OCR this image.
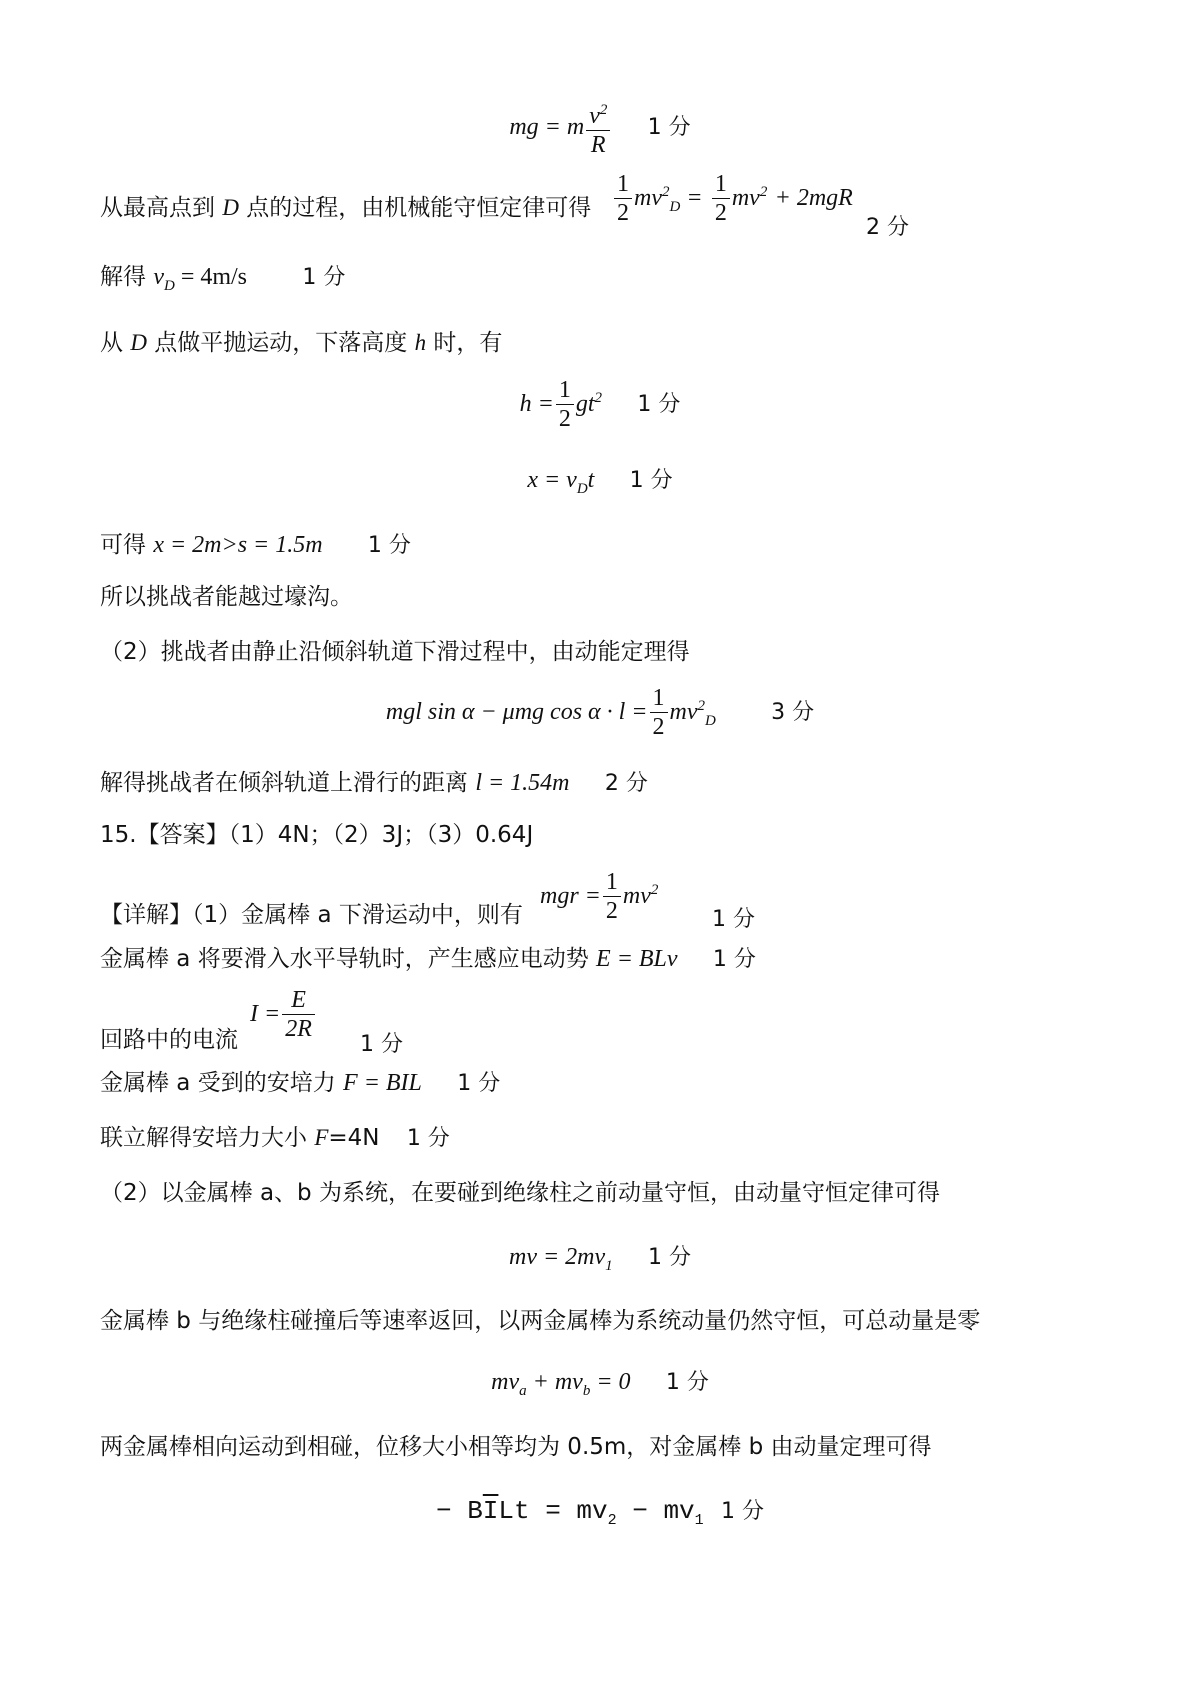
mg = m $\frac{v^2}{R} 1$ 分
从最高点到 D 点的过程，由机械能守恒定律可得 $\frac{1}{2} mv^2_D = \frac{1}{2} mv^2 + 2mgR$
2 分
解得 $v_D = 4m/s$	1 分
从 D 点做平抛运动，下落高度 h 时，有
$h = \frac{1}{2} gt^2$ 1 分
$x = v_Dt$ 1 分
可得 x = 2m>s = 1.5m 1 分
所以挑战者能越过壕沟。
（2）挑战者由静止沿倾斜轨道下滑过程中，由动能定理得
mgl sin α − μmg $\cos \alpha \cdot l = \frac{1}{2} mv^2_D$	3 分
解得挑战者在倾斜轨道上滑行的距离 l = 1.54m 2 分
15.【答案】（1）4N；（2）3J；（3）0.64J
【详解】（1）金属棒 a 下滑运动中，则有
mgr = $\frac{1}{2} mv^2$
1 分
金属棒 a 将要滑入水平导轨时，产生感应电动势 E = BLv 1 分
回路中的电流
$I = \frac{E}{2R}$
1 分
金属棒 a 受到的安培力 F = BIL 1 分
联立解得安培力大小 F=4N 1 分
（2）以金属棒 a、b 为系统，在要碰到绝缘柱之前动量守恒，由动量守恒定律可得
mv = $2mv_1$ 1 分
金属棒 b 与绝缘柱碰撞后等速率返回，以两金属棒为系统动量仍然守恒，可总动量是零
$mv_a + mv_b = 0$ 1 分
两金属棒相向运动到相碰，位移大小相等均为 0.5m，对金属棒 b 由动量定理可得
− $B\overline{I}Lt = mv_2 - mv_1$ 1 分
